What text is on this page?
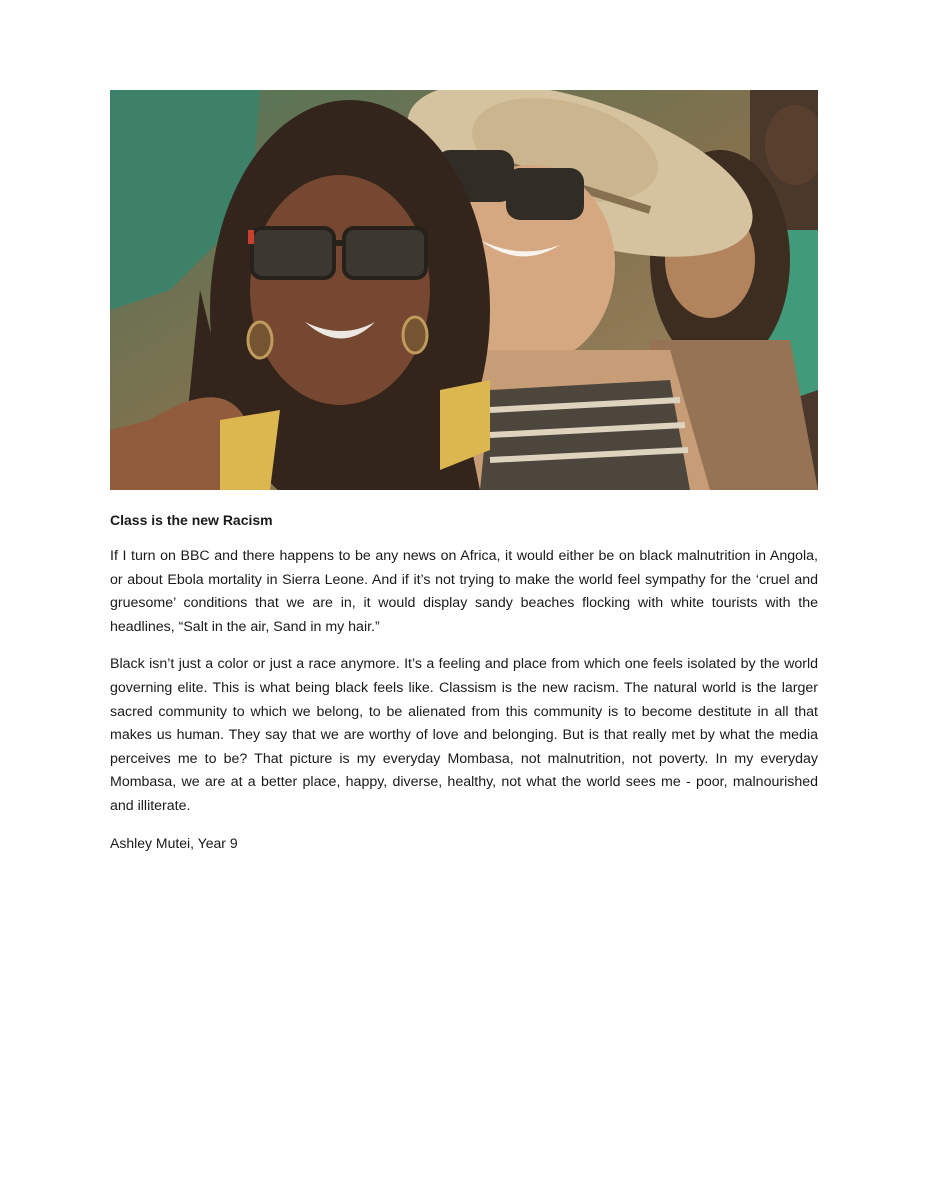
Class is the new Racism

If I turn on BBC and there happens to be any news on Africa, it would either be on black malnutrition in Angola, or about Ebola mortality in Sierra Leone. And if it’s not trying to make the world feel sympathy for the ‘cruel and gruesome’ conditions that we are in, it would display sandy beaches flocking with white tourists with the headlines, “Salt in the air, Sand in my hair.”

Black isn’t just a color or just a race anymore. It’s a feeling and place from which one feels isolated by the world governing elite. This is what being black feels like. Classism is the new racism. The natural world is the larger sacred community to which we belong, to be alienated from this community is to become destitute in all that makes us human. They say that we are worthy of love and belonging. But is that really met by what the media perceives me to be? That picture is my everyday Mombasa, not malnutrition, not poverty. In my everyday Mombasa, we are at a better place, happy, diverse, healthy, not what the world sees me - poor, malnourished and illiterate.

Ashley Mutei, Year 9
